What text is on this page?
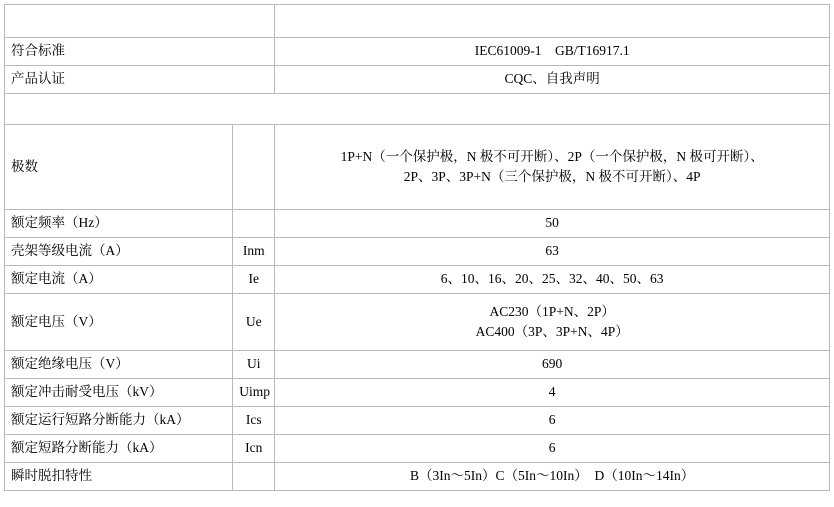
产品名称		TGB1NLE-63Y
符合标准		IEC61009-1　GB/T16917.1
产品认证		CQC、自我声明
电气特性		
极数		1P+N（一个保护极，N 极不可开断）、2P（一个保护极，N 极可开断）、
2P、3P、3P+N（三个保护极，N 极不可开断）、4P

额定频率（Hz）		50
壳架等级电流（A）	Inm	63
额定电流（A）	Ie	6、10、16、20、25、32、40、50、63
额定电压（V）	Ue	AC230（1P+N、2P）
AC400（3P、3P+N、4P）

额定绝缘电压（V）	Ui	690
额定冲击耐受电压（kV）	Uimp	4
额定运行短路分断能力（kA）	Ics	6
额定短路分断能力（kA）	Icn	6
瞬时脱扣特性		B（3In～5In）C（5In～10In）　D（10In～14In）
